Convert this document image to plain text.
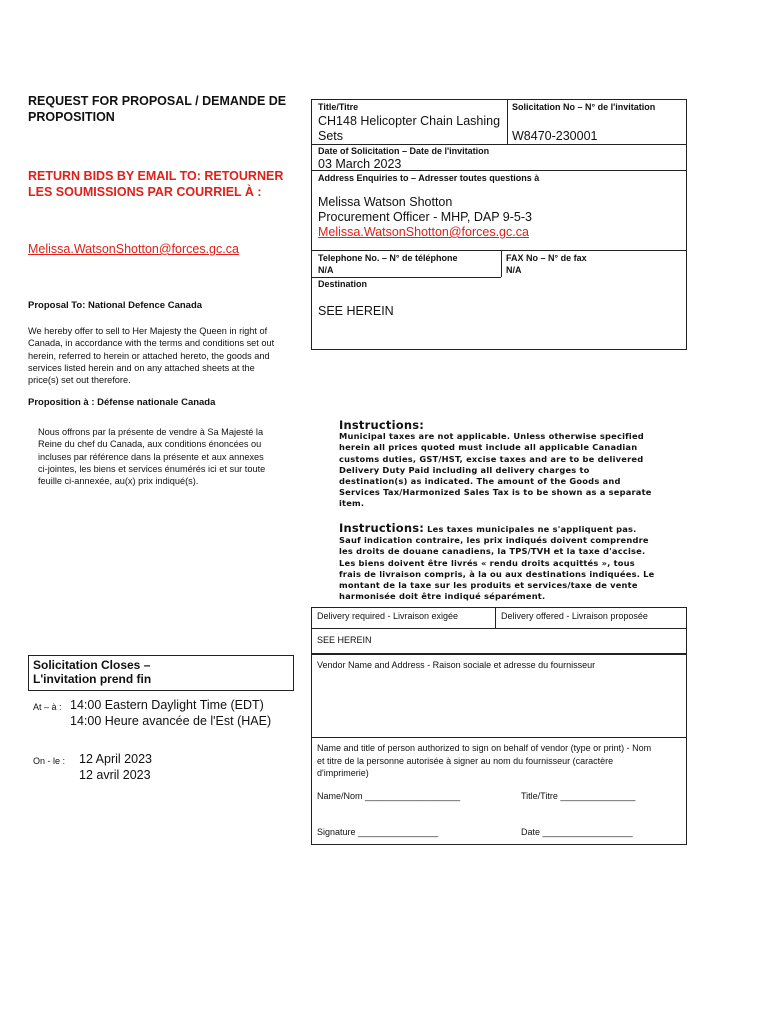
REQUEST FOR PROPOSAL / DEMANDE DE PROPOSITION
RETURN BIDS BY EMAIL TO: RETOURNER LES SOUMISSIONS PAR COURRIEL À :
Melissa.WatsonShotton@forces.gc.ca
Proposal To: National Defence Canada
We hereby offer to sell to Her Majesty the Queen in right of Canada, in accordance with the terms and conditions set out herein, referred to herein or attached hereto, the goods and services listed herein and on any attached sheets at the price(s) set out therefore.
Proposition à : Défense nationale Canada
Nous offrons par la présente de vendre à Sa Majesté la Reine du chef du Canada, aux conditions énoncées ou incluses par référence dans la présente et aux annexes ci-jointes, les biens et services énumérés ici et sur toute feuille ci-annexée, au(x) prix indiqué(s).
Title/Titre
CH148 Helicopter Chain Lashing Sets
Solicitation No – N° de l'invitation
W8470-230001
Date of Solicitation – Date de l'invitation
03 March 2023
Address Enquiries to – Adresser toutes questions à
Melissa Watson Shotton
Procurement Officer - MHP, DAP 9-5-3
Melissa.WatsonShotton@forces.gc.ca
Telephone No. – N° de téléphone
N/A
FAX No – N° de fax
N/A
Destination
SEE HEREIN
Instructions:
Municipal taxes are not applicable. Unless otherwise specified herein all prices quoted must include all applicable Canadian customs duties, GST/HST, excise taxes and are to be delivered Delivery Duty Paid including all delivery charges to destination(s) as indicated. The amount of the Goods and Services Tax/Harmonized Sales Tax is to be shown as a separate item.
Instructions: Les taxes municipales ne s'appliquent pas. Sauf indication contraire, les prix indiqués doivent comprendre les droits de douane canadiens, la TPS/TVH et la taxe d'accise. Les biens doivent être livrés « rendu droits acquittés », tous frais de livraison compris, à la ou aux destinations indiquées. Le montant de la taxe sur les produits et services/taxe de vente harmonisée doit être indiqué séparément.
Delivery required - Livraison exigée	Delivery offered - Livraison proposée
SEE HEREIN
Vendor Name and Address - Raison sociale et adresse du fournisseur
Name and title of person authorized to sign on behalf of vendor (type or print) - Nom et titre de la personne autorisée à signer au nom du fournisseur (caractère d'imprimerie)
Name/Nom ___________________	Title/Titre _______________
Signature ________________	Date __________________
Solicitation Closes – L'invitation prend fin
At – à : 14:00 Eastern Daylight Time (EDT)
14:00 Heure avancée de l'Est (HAE)
On - le : 12 April 2023
12 avril 2023
